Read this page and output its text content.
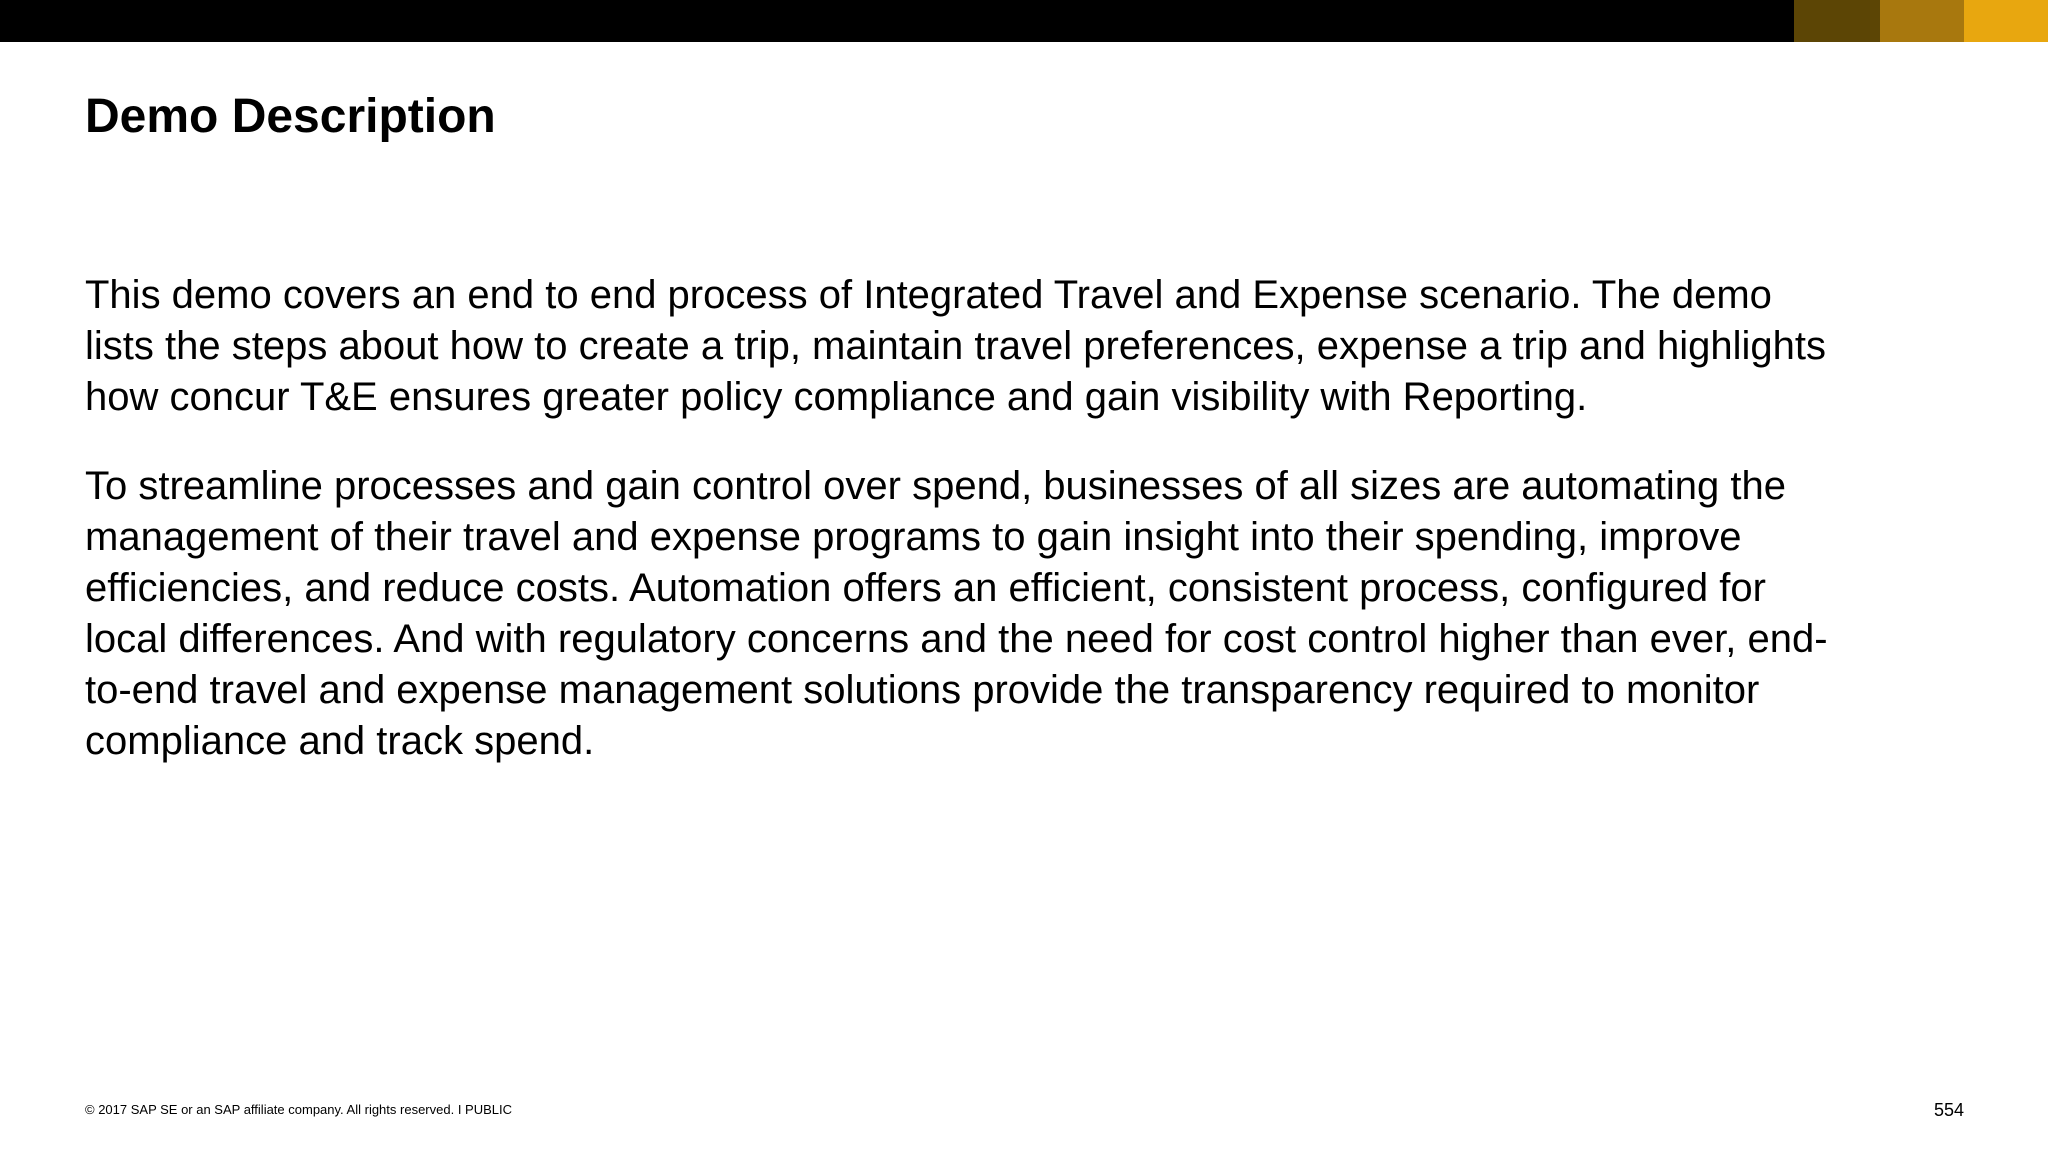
Demo Description

This demo covers an end to end process of Integrated Travel and Expense scenario. The demo
lists the steps about how to create a trip, maintain travel preferences, expense a trip and highlights
how concur T&E ensures greater policy compliance and gain visibility with Reporting.

To streamline processes and gain control over spend, businesses of all sizes are automating the
management of their travel and expense programs to gain insight into their spending, improve
efficiencies, and reduce costs. Automation offers an efficient, consistent process, configured for
local differences. And with regulatory concerns and the need for cost control higher than ever, end-
to-end travel and expense management solutions provide the transparency required to monitor
compliance and track spend.

© 2017 SAP SE or an SAP affiliate company. All rights reserved. I PUBLIC	554
